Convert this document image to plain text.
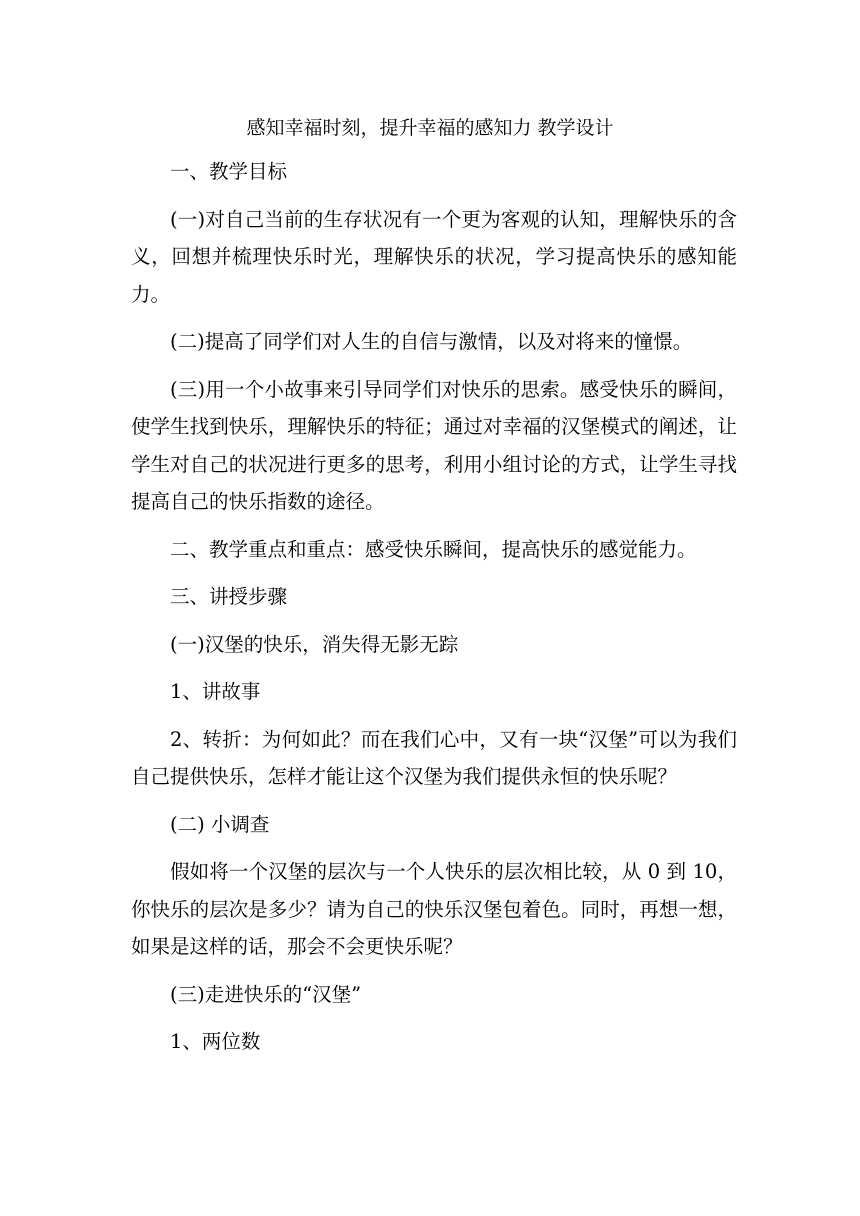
感知幸福时刻，提升幸福的感知力 教学设计

一、教学目标

(一)对自己当前的生存状况有一个更为客观的认知，理解快乐的含义，回想并梳理快乐时光，理解快乐的状况，学习提高快乐的感知能力。

(二)提高了同学们对人生的自信与激情，以及对将来的憧憬。

(三)用一个小故事来引导同学们对快乐的思索。感受快乐的瞬间，使学生找到快乐，理解快乐的特征；通过对幸福的汉堡模式的阐述，让学生对自己的状况进行更多的思考，利用小组讨论的方式，让学生寻找提高自己的快乐指数的途径。

二、教学重点和重点：感受快乐瞬间，提高快乐的感觉能力。

三、讲授步骤

(一)汉堡的快乐，消失得无影无踪

1、讲故事

2、转折：为何如此？而在我们心中，又有一块“汉堡”可以为我们自己提供快乐，怎样才能让这个汉堡为我们提供永恒的快乐呢？

(二) 小调查

假如将一个汉堡的层次与一个人快乐的层次相比较，从 0 到 10，你快乐的层次是多少？请为自己的快乐汉堡包着色。同时，再想一想，如果是这样的话，那会不会更快乐呢？

(三)走进快乐的“汉堡”

1、两位数
